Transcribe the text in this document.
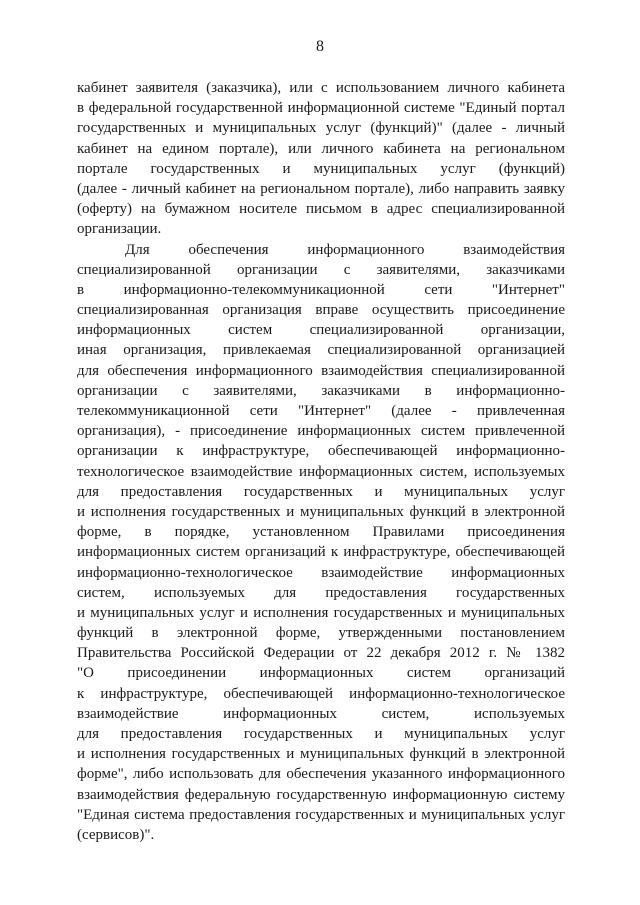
8
кабинет заявителя (заказчика), или с использованием личного кабинета
в федеральной государственной информационной системе "Единый портал
государственных и муниципальных услуг (функций)" (далее - личный
кабинет на едином портале), или личного кабинета на региональном
портале государственных и муниципальных услуг (функций)
(далее - личный кабинет на региональном портале), либо направить заявку
(оферту) на бумажном носителе письмом в адрес специализированной
организации.
Для обеспечения информационного взаимодействия
специализированной организации с заявителями, заказчиками
в информационно-телекоммуникационной сети "Интернет"
специализированная организация вправе осуществить присоединение
информационных систем специализированной организации,
иная организация, привлекаемая специализированной организацией
для обеспечения информационного взаимодействия специализированной
организации с заявителями, заказчиками в информационно-
телекоммуникационной сети "Интернет" (далее - привлеченная
организация), - присоединение информационных систем привлеченной
организации к инфраструктуре, обеспечивающей информационно-
технологическое взаимодействие информационных систем, используемых
для предоставления государственных и муниципальных услуг
и исполнения государственных и муниципальных функций в электронной
форме, в порядке, установленном Правилами присоединения
информационных систем организаций к инфраструктуре, обеспечивающей
информационно-технологическое взаимодействие информационных
систем, используемых для предоставления государственных
и муниципальных услуг и исполнения государственных и муниципальных
функций в электронной форме, утвержденными постановлением
Правительства Российской Федерации от 22 декабря 2012 г. № 1382
"О присоединении информационных систем организаций
к инфраструктуре, обеспечивающей информационно-технологическое
взаимодействие информационных систем, используемых
для предоставления государственных и муниципальных услуг
и исполнения государственных и муниципальных функций в электронной
форме", либо использовать для обеспечения указанного информационного
взаимодействия федеральную государственную информационную систему
"Единая система предоставления государственных и муниципальных услуг
(сервисов)".
